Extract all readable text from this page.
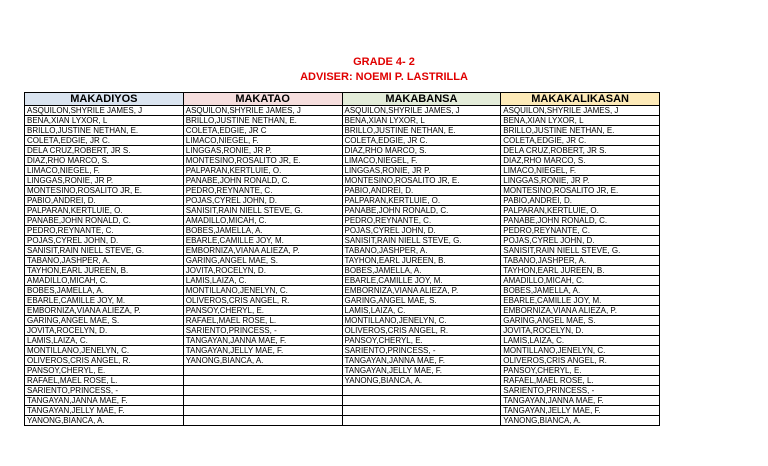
GRADE 4- 2
ADVISER: NOEMI P. LASTRILLA
MAKADIYOS	MAKATAO	MAKABANSA	MAKAKALIKASAN
ASQUILON,SHYRILE JAMES, J	ASQUILON,SHYRILE JAMES, J	ASQUILON,SHYRILE JAMES, J	ASQUILON,SHYRILE JAMES, J
BENA,XIAN LYXOR, L	BRILLO,JUSTINE NETHAN, E.	BENA,XIAN LYXOR, L	BENA,XIAN LYXOR, L
BRILLO,JUSTINE NETHAN, E.	COLETA,EDGIE, JR C	BRILLO,JUSTINE NETHAN, E.	BRILLO,JUSTINE NETHAN, E.
COLETA,EDGIE, JR C.	LIMACO,NIEGEL, F.	COLETA,EDGIE, JR C.	COLETA,EDGIE, JR C.
DELA CRUZ,ROBERT, JR S.	LINGGAS,RONIE, JR P.	DIAZ,RHO MARCO, S.	DELA CRUZ,ROBERT, JR S.
DIAZ,RHO MARCO, S.	MONTESINO,ROSALITO JR, E.	LIMACO,NIEGEL, F.	DIAZ,RHO MARCO, S.
LIMACO,NIEGEL, F.	PALPARAN,KERTLUIE, O.	LINGGAS,RONIE, JR P.	LIMACO,NIEGEL, F.
LINGGAS,RONIE, JR P.	PANABE,JOHN RONALD, C.	MONTESINO,ROSALITO JR, E.	LINGGAS,RONIE, JR P.
MONTESINO,ROSALITO JR, E.	PEDRO,REYNANTE, C.	PABIO,ANDREI, D.	MONTESINO,ROSALITO JR, E.
PABIO,ANDREI, D.	POJAS,CYREL JOHN, D.	PALPARAN,KERTLUIE, O.	PABIO,ANDREI, D.
PALPARAN,KERTLUIE, O.	SANISIT,RAIN NIELL STEVE, G.	PANABE,JOHN RONALD, C.	PALPARAN,KERTLUIE, O.
PANABE,JOHN RONALD, C.	AMADILLO,MICAH, C.	PEDRO,REYNANTE, C.	PANABE,JOHN RONALD, C.
PEDRO,REYNANTE, C.	BOBES,JAMELLA, A.	POJAS,CYREL JOHN, D.	PEDRO,REYNANTE, C.
POJAS,CYREL JOHN, D.	EBARLE,CAMILLE JOY, M.	SANISIT,RAIN NIELL STEVE, G.	POJAS,CYREL JOHN, D.
SANISIT,RAIN NIELL STEVE, G.	EMBORNIZA,VIANA ALIEZA, P.	TABANO,JASHPER, A.	SANISIT,RAIN NIELL STEVE, G.
TABANO,JASHPER, A.	GARING,ANGEL MAE, S.	TAYHON,EARL JUREEN, B.	TABANO,JASHPER, A.
TAYHON,EARL JUREEN, B.	JOVITA,ROCELYN, D.	BOBES,JAMELLA, A.	TAYHON,EARL JUREEN, B.
AMADILLO,MICAH, C.	LAMIS,LAIZA, C.	EBARLE,CAMILLE JOY, M.	AMADILLO,MICAH, C.
BOBES,JAMELLA, A.	MONTILLANO,JENELYN, C.	EMBORNIZA,VIANA ALIEZA, P.	BOBES,JAMELLA, A.
EBARLE,CAMILLE JOY, M.	OLIVEROS,CRIS ANGEL, R.	GARING,ANGEL MAE, S.	EBARLE,CAMILLE JOY, M.
EMBORNIZA,VIANA ALIEZA, P.	PANSOY,CHERYL, E.	LAMIS,LAIZA, C.	EMBORNIZA,VIANA ALIEZA, P.
GARING,ANGEL MAE, S.	RAFAEL,MAEL ROSE, L.	MONTILLANO,JENELYN, C.	GARING,ANGEL MAE, S.
JOVITA,ROCELYN, D.	SARIENTO,PRINCESS, -	OLIVEROS,CRIS ANGEL, R.	JOVITA,ROCELYN, D.
LAMIS,LAIZA, C.	TANGAYAN,JANNA MAE, F.	PANSOY,CHERYL, E.	LAMIS,LAIZA, C.
MONTILLANO,JENELYN, C.	TANGAYAN,JELLY MAE, F.	SARIENTO,PRINCESS, -	MONTILLANO,JENELYN, C.
OLIVEROS,CRIS ANGEL, R.	YANONG,BIANCA, A.	TANGAYAN,JANNA MAE, F.	OLIVEROS,CRIS ANGEL, R.
PANSOY,CHERYL, E.		TANGAYAN,JELLY MAE, F.	PANSOY,CHERYL, E.
RAFAEL,MAEL ROSE, L.		YANONG,BIANCA, A.	RAFAEL,MAEL ROSE, L.
SARIENTO,PRINCESS, -			SARIENTO,PRINCESS, -
TANGAYAN,JANNA MAE, F.			TANGAYAN,JANNA MAE, F.
TANGAYAN,JELLY MAE, F.			TANGAYAN,JELLY MAE, F.
YANONG,BIANCA, A.			YANONG,BIANCA, A.
